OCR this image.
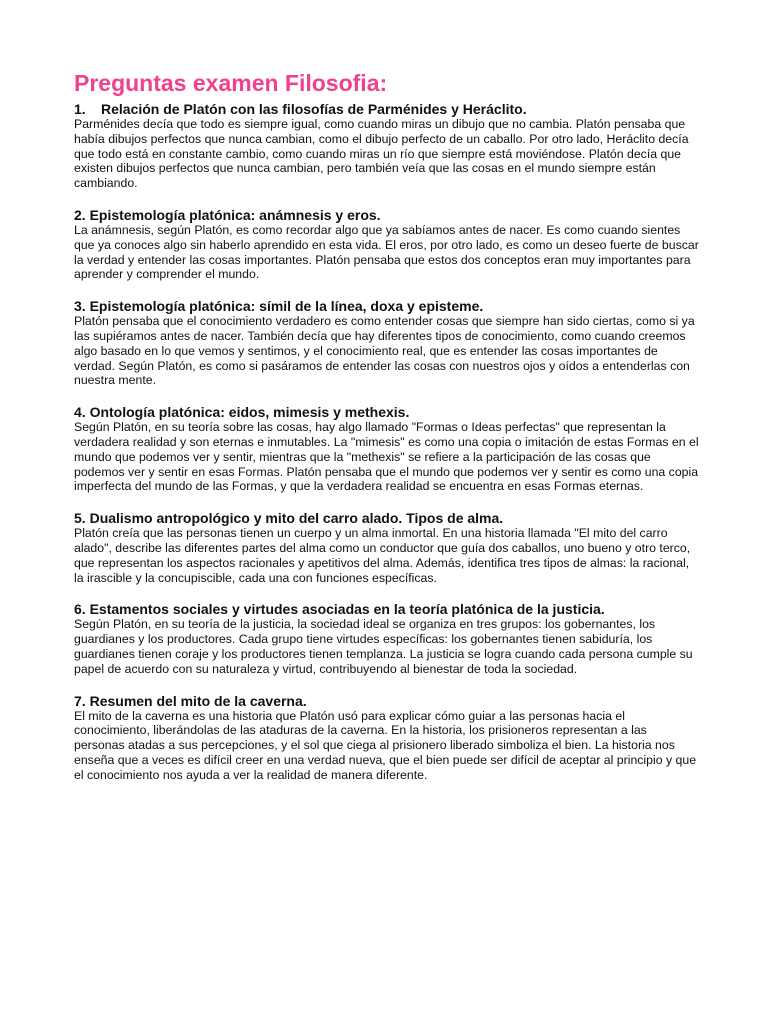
Preguntas examen Filosofia:

1. Relación de Platón con las filosofías de Parménides y Heráclito.

Parménides decía que todo es siempre igual, como cuando miras un dibujo que no cambia. Platón pensaba que había dibujos perfectos que nunca cambian, como el dibujo perfecto de un caballo. Por otro lado, Heráclito decía que todo está en constante cambio, como cuando miras un río que siempre está moviéndose. Platón decía que existen dibujos perfectos que nunca cambian, pero también veía que las cosas en el mundo siempre están cambiando.

2. Epistemología platónica: anámnesis y eros.

La anámnesis, según Platón, es como recordar algo que ya sabíamos antes de nacer. Es como cuando sientes que ya conoces algo sin haberlo aprendido en esta vida. El eros, por otro lado, es como un deseo fuerte de buscar la verdad y entender las cosas importantes. Platón pensaba que estos dos conceptos eran muy importantes para aprender y comprender el mundo.

3. Epistemología platónica: símil de la línea, doxa y episteme.

Platón pensaba que el conocimiento verdadero es como entender cosas que siempre han sido ciertas, como si ya las supiéramos antes de nacer. También decía que hay diferentes tipos de conocimiento, como cuando creemos algo basado en lo que vemos y sentimos, y el conocimiento real, que es entender las cosas importantes de verdad. Según Platón, es como si pasáramos de entender las cosas con nuestros ojos y oídos a entenderlas con nuestra mente.

4. Ontología platónica: eidos, mimesis y methexis.

Según Platón, en su teoría sobre las cosas, hay algo llamado "Formas o Ideas perfectas" que representan la verdadera realidad y son eternas e inmutables. La "mimesis" es como una copia o imitación de estas Formas en el mundo que podemos ver y sentir, mientras que la "methexis" se refiere a la participación de las cosas que podemos ver y sentir en esas Formas. Platón pensaba que el mundo que podemos ver y sentir es como una copia imperfecta del mundo de las Formas, y que la verdadera realidad se encuentra en esas Formas eternas.

5. Dualismo antropológico y mito del carro alado. Tipos de alma.

Platón creía que las personas tienen un cuerpo y un alma inmortal. En una historia llamada "El mito del carro alado", describe las diferentes partes del alma como un conductor que guía dos caballos, uno bueno y otro terco, que representan los aspectos racionales y apetitivos del alma. Además, identifica tres tipos de almas: la racional, la irascible y la concupiscible, cada una con funciones específicas.

6. Estamentos sociales y virtudes asociadas en la teoría platónica de la justicia.

Según Platón, en su teoría de la justicia, la sociedad ideal se organiza en tres grupos: los gobernantes, los guardianes y los productores. Cada grupo tiene virtudes específicas: los gobernantes tienen sabiduría, los guardianes tienen coraje y los productores tienen templanza. La justicia se logra cuando cada persona cumple su papel de acuerdo con su naturaleza y virtud, contribuyendo al bienestar de toda la sociedad.

7. Resumen del mito de la caverna.

El mito de la caverna es una historia que Platón usó para explicar cómo guiar a las personas hacia el conocimiento, liberándolas de las ataduras de la caverna. En la historia, los prisioneros representan a las personas atadas a sus percepciones, y el sol que ciega al prisionero liberado simboliza el bien. La historia nos enseña que a veces es difícil creer en una verdad nueva, que el bien puede ser difícil de aceptar al principio y que el conocimiento nos ayuda a ver la realidad de manera diferente.
